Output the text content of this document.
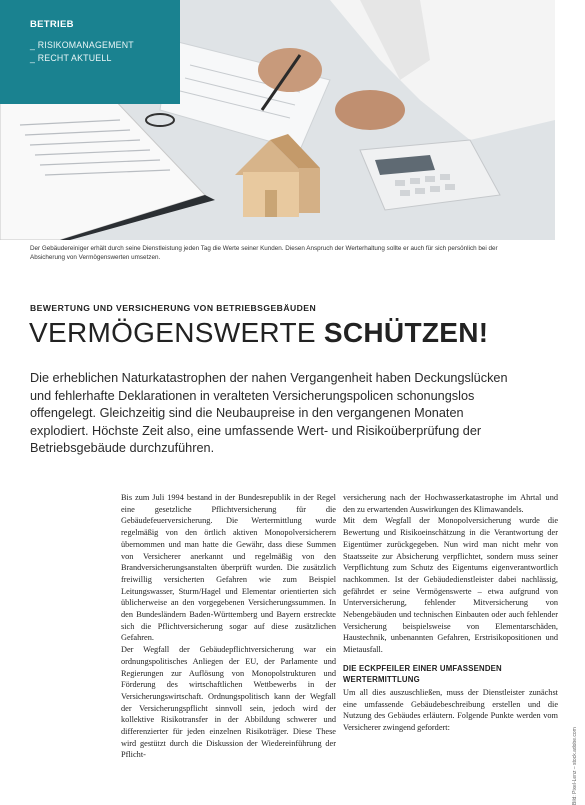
BETRIEB
_ RISIKOMANAGEMENT
_ RECHT AKTUELL
Der Gebäudereiniger erhält durch seine Dienstleistung jeden Tag die Werte seiner Kunden. Diesen Anspruch der Werterhaltung sollte er auch für sich persönlich bei der Absicherung von Vermögenswerten umsetzen.
Bild: Pixel-Lenz – stock.adobe.com
BEWERTUNG UND VERSICHERUNG VON BETRIEBSGEBÄUDEN
VERMÖGENSWERTE SCHÜTZEN!
Die erheblichen Naturkatastrophen der nahen Vergangenheit haben Deckungslücken und fehlerhafte Deklarationen in veralteten Versicherungspolicen schonungslos offengelegt. Gleichzeitig sind die Neubaupreise in den vergangenen Monaten explodiert. Höchste Zeit also, eine umfassende Wert- und Risikoüberprüfung der Betriebsgebäude durchzuführen.

Bis zum Juli 1994 bestand in der Bundesrepublik in der Regel eine gesetzliche Pflichtversicherung für die Gebäudefeuerversicherung. Die Wertermittlung wurde regelmäßig von den örtlich aktiven Monopolversicherern übernommen und man hatte die Gewähr, dass diese Summen von Versicherer anerkannt und regelmäßig von den Brandversicherungsanstalten überprüft wurden. Die zusätzlich freiwillig versicherten Gefahren wie zum Beispiel Leitungswasser, Sturm/Hagel und Elementar orientierten sich üblicherweise an den vorgegebenen Versicherungssummen. In den Bundesländern Baden-Württemberg und Bayern erstreckte sich die Pflichtversicherung sogar auf diese zusätzlichen Gefahren.

Der Wegfall der Gebäudepflichtversicherung war ein ordnungspolitisches Anliegen der EU, der Parlamente und Regierungen zur Auflösung von Monopolstrukturen und Förderung des wirtschaftlichen Wettbewerbs in der Versicherungswirtschaft. Ordnungspolitisch kann der Wegfall der Versicherungspflicht sinnvoll sein, jedoch wird der kollektive Risikotransfer in der Abbildung schwerer und differenzierter für jeden einzelnen Risikoträger. Diese These wird gestützt durch die Diskussion der Wiedereinführung der Pflicht-

versicherung nach der Hochwasserkatastrophe im Ahrtal und den zu erwartenden Auswirkungen des Klimawandels.

Mit dem Wegfall der Monopolversicherung wurde die Bewertung und Risikoeinschätzung in die Verantwortung der Eigentümer zurückgegeben. Nun wird man nicht mehr von Staatsseite zur Absicherung verpflichtet, sondern muss seiner Verpflichtung zum Schutz des Eigentums eigenverantwortlich nachkommen. Ist der Gebäudedienstleister dabei nachlässig, gefährdet er seine Vermögenswerte – etwa aufgrund von Unterversicherung, fehlender Mitversicherung von Nebengebäuden und technischen Einbauten oder auch fehlender Versicherung beispielsweise von Elementarschäden, Haustechnik, unbenannten Gefahren, Erstrisikopositionen und Mietausfall.

DIE ECKPFEILER EINER UMFASSENDEN WERTERMITTLUNG

Um all dies auszuschließen, muss der Dienstleister zunächst eine umfassende Gebäudebeschreibung erstellen und die Nutzung des Gebäudes erläutern. Folgende Punkte werden vom Versicherer zwingend gefordert:
